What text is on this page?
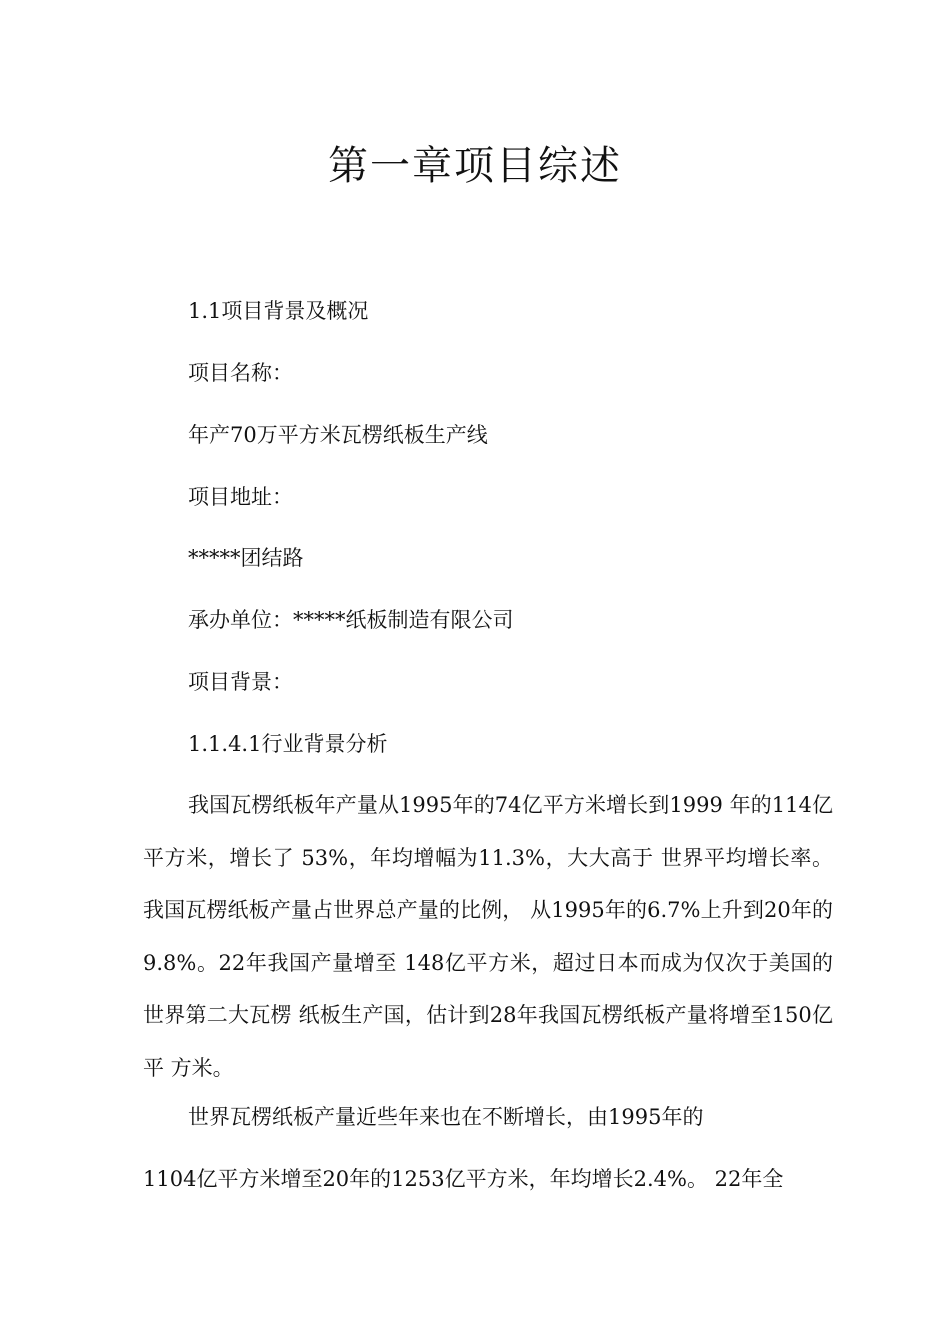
第一章项目综述

1.1项目背景及概况

项目名称：

年产70万平方米瓦楞纸板生产线

项目地址：

*****团结路

承办单位：*****纸板制造有限公司

项目背景：

1.1.4.1行业背景分析

我国瓦楞纸板年产量从1995年的74亿平方米增长到1999 年的114亿平方米，增长了 53%，年均增幅为11.3%，大大高于 世界平均增长率。我国瓦楞纸板产量占世界总产量的比例， 从1995年的6.7%上升到20年的9.8%。22年我国产量增至 148亿平方米，超过日本而成为仅次于美国的世界第二大瓦楞 纸板生产国，估计到28年我国瓦楞纸板产量将增至150亿平 方米。

世界瓦楞纸板产量近些年来也在不断增长，由1995年的

1104亿平方米增至20年的1253亿平方米，年均增长2.4%。 22年全
